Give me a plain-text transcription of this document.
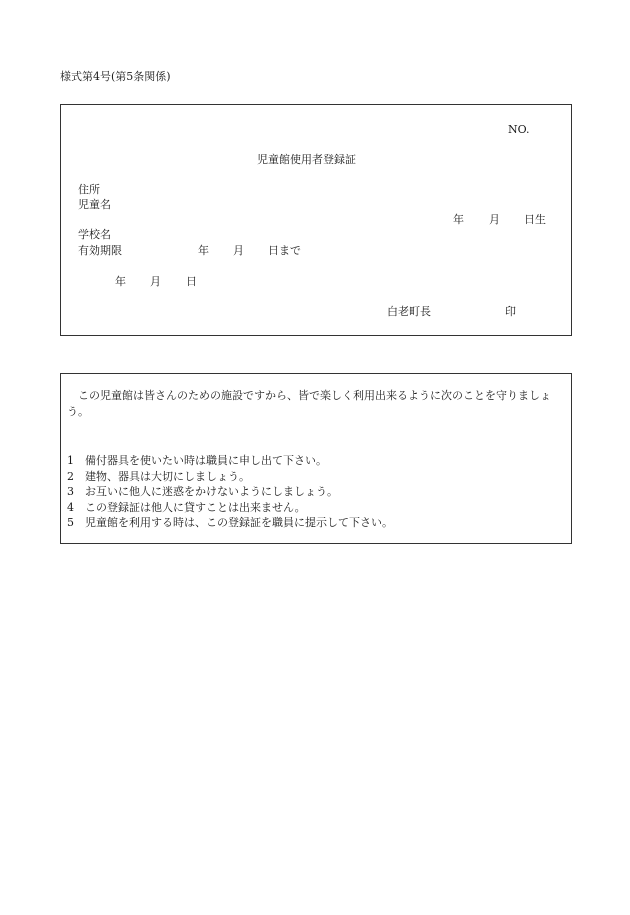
様式第4号(第5条関係)
NO.
児童館使用者登録証
住所
児童名
年 月 日生
学校名
有効期限	年 月 日まで
年 月 日
白老町長	印
この児童館は皆さんのための施設ですから、皆で楽しく利用出来るように次のことを守りましょう。
1 備付器具を使いたい時は職員に申し出て下さい。
2 建物、器具は大切にしましょう。
3 お互いに他人に迷惑をかけないようにしましょう。
4 この登録証は他人に貸すことは出来ません。
5 児童館を利用する時は、この登録証を職員に提示して下さい。
